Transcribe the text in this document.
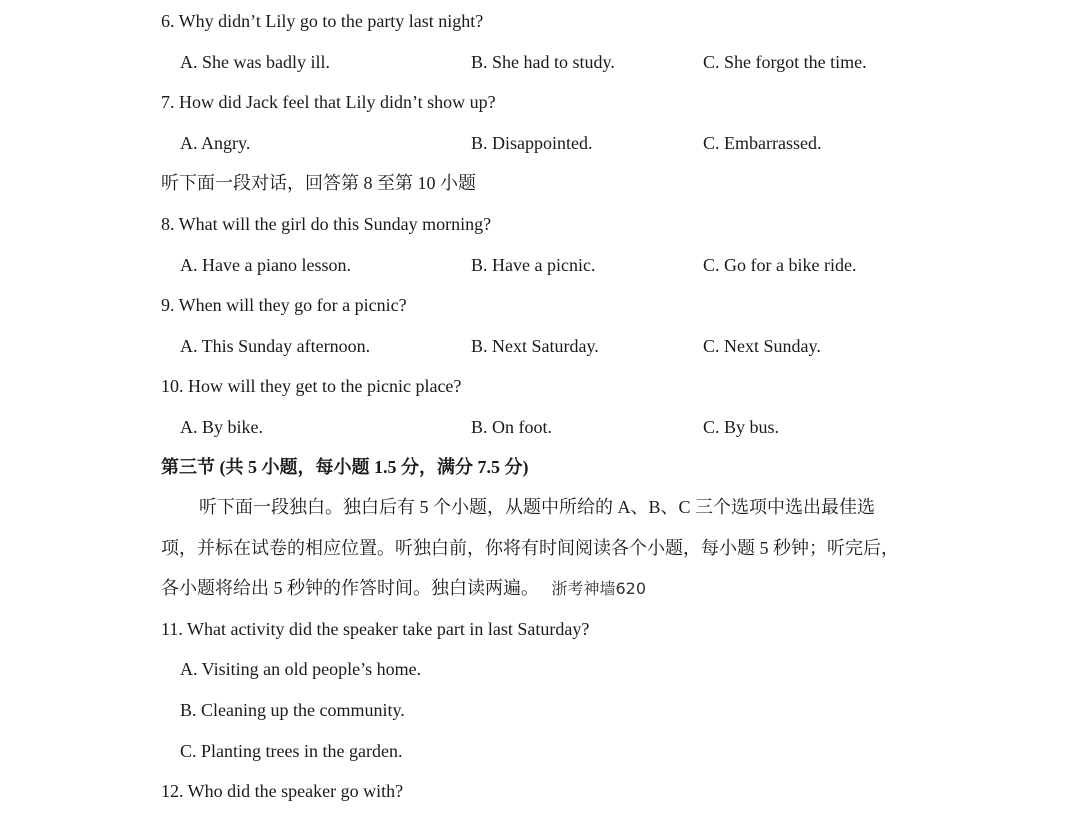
6. Why didn’t Lily go to the party last night?
A. She was badly ill.	B. She had to study.	C. She forgot the time.
7. How did Jack feel that Lily didn’t show up?
A. Angry.	B. Disappointed.	C. Embarrassed.
听下面一段对话，回答第 8 至第 10 小题
8. What will the girl do this Sunday morning?
A. Have a piano lesson.	B. Have a picnic.	C. Go for a bike ride.
9. When will they go for a picnic?
A. This Sunday afternoon.	B. Next Saturday.	C. Next Sunday.
10. How will they get to the picnic place?
A. By bike.	B. On foot.	C. By bus.
第三节 (共 5 小题，每小题 1.5 分，满分 7.5 分)
听下面一段独白。独白后有 5 个小题，从题中所给的 A、B、C 三个选项中选出最佳选
项，并标在试卷的相应位置。听独白前，你将有时间阅读各个小题，每小题 5 秒钟；听完后，
各小题将给出 5 秒钟的作答时间。独白读两遍。 浙考神墙620
11. What activity did the speaker take part in last Saturday?
A. Visiting an old people’s home.
B. Cleaning up the community.
C. Planting trees in the garden.
12. Who did the speaker go with?
